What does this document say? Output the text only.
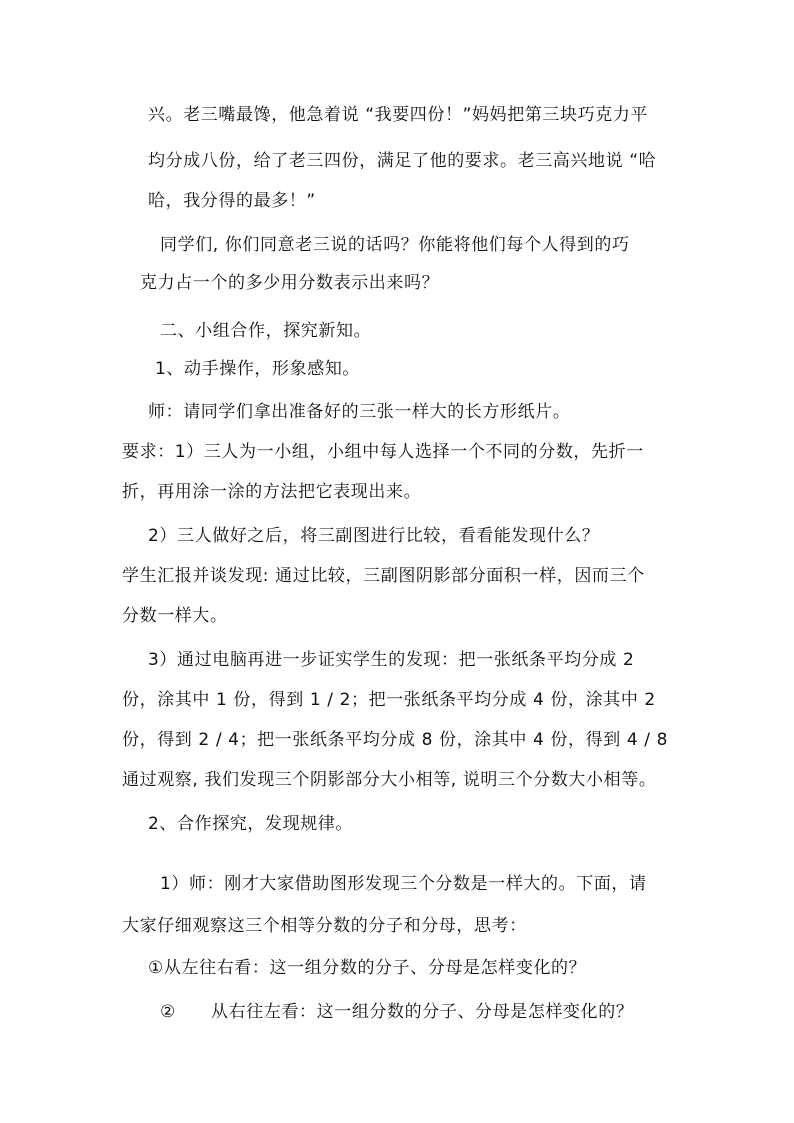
兴。老三嘴最馋，他急着说 “我要四份！”妈妈把第三块巧克力平
均分成八份，给了老三四份，满足了他的要求。老三高兴地说 “哈
哈，我分得的最多！”
同学们, 你们同意老三说的话吗？你能将他们每个人得到的巧
克力占一个的多少用分数表示出来吗？
二、小组合作，探究新知。
1、动手操作，形象感知。
师：请同学们拿出准备好的三张一样大的长方形纸片。
要求：1）三人为一小组，小组中每人选择一个不同的分数，先折一
折，再用涂一涂的方法把它表现出来。
2）三人做好之后，将三副图进行比较，看看能发现什么？
学生汇报并谈发现: 通过比较，三副图阴影部分面积一样，因而三个
分数一样大。
3）通过电脑再进一步证实学生的发现：把一张纸条平均分成 2
份，涂其中 1 份，得到 1 / 2；把一张纸条平均分成 4 份，涂其中 2
份，得到 2 / 4；把一张纸条平均分成 8 份，涂其中 4 份，得到 4 / 8
通过观察, 我们发现三个阴影部分大小相等, 说明三个分数大小相等。
2、合作探究，发现规律。
1）师：刚才大家借助图形发现三个分数是一样大的。下面，请
大家仔细观察这三个相等分数的分子和分母，思考：
①从左往右看：这一组分数的分子、分母是怎样变化的？
②　　从右往左看：这一组分数的分子、分母是怎样变化的？
